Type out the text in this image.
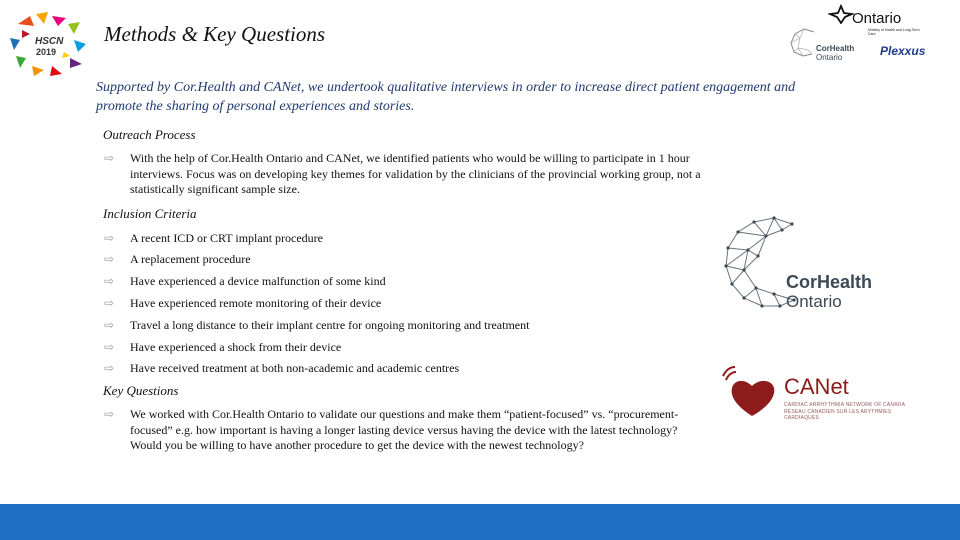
HSCN
2019
Methods & Key Questions
Ontario
Ministry of Health and Long-Term Care
CorHealth
Ontario	Plexxus
Supported by Cor.Health and CANet, we undertook qualitative interviews in order to increase direct patient engagement and promote the sharing of personal experiences and stories.
Outreach Process
⇨	With the help of Cor.Health Ontario and CANet, we identified patients who would be willing to participate in 1 hour interviews. Focus was on developing key themes for validation by the clinicians of the provincial working group, not a statistically significant sample size.
Inclusion Criteria
⇨	A recent ICD or CRT implant procedure
⇨	A replacement procedure
⇨	Have experienced a device malfunction of some kind
⇨	Have experienced remote monitoring of their device
⇨	Travel a long distance to their implant centre for ongoing monitoring and treatment
⇨	Have experienced a shock from their device
⇨	Have received treatment at both non-academic and academic centres
Key Questions
⇨	We worked with Cor.Health Ontario to validate our questions and make them “patient-focused” vs. “procurement-focused” e.g. how important is having a longer lasting device versus having the device with the latest technology? Would you be willing to have another procedure to get the device with the newest technology?
CorHealth
Ontario
CANet
CARDIAC ARRHYTHMIA NETWORK OF CANADA
RÉSEAU CANADIEN SUR LES ARYTHMIES CARDIAQUES
